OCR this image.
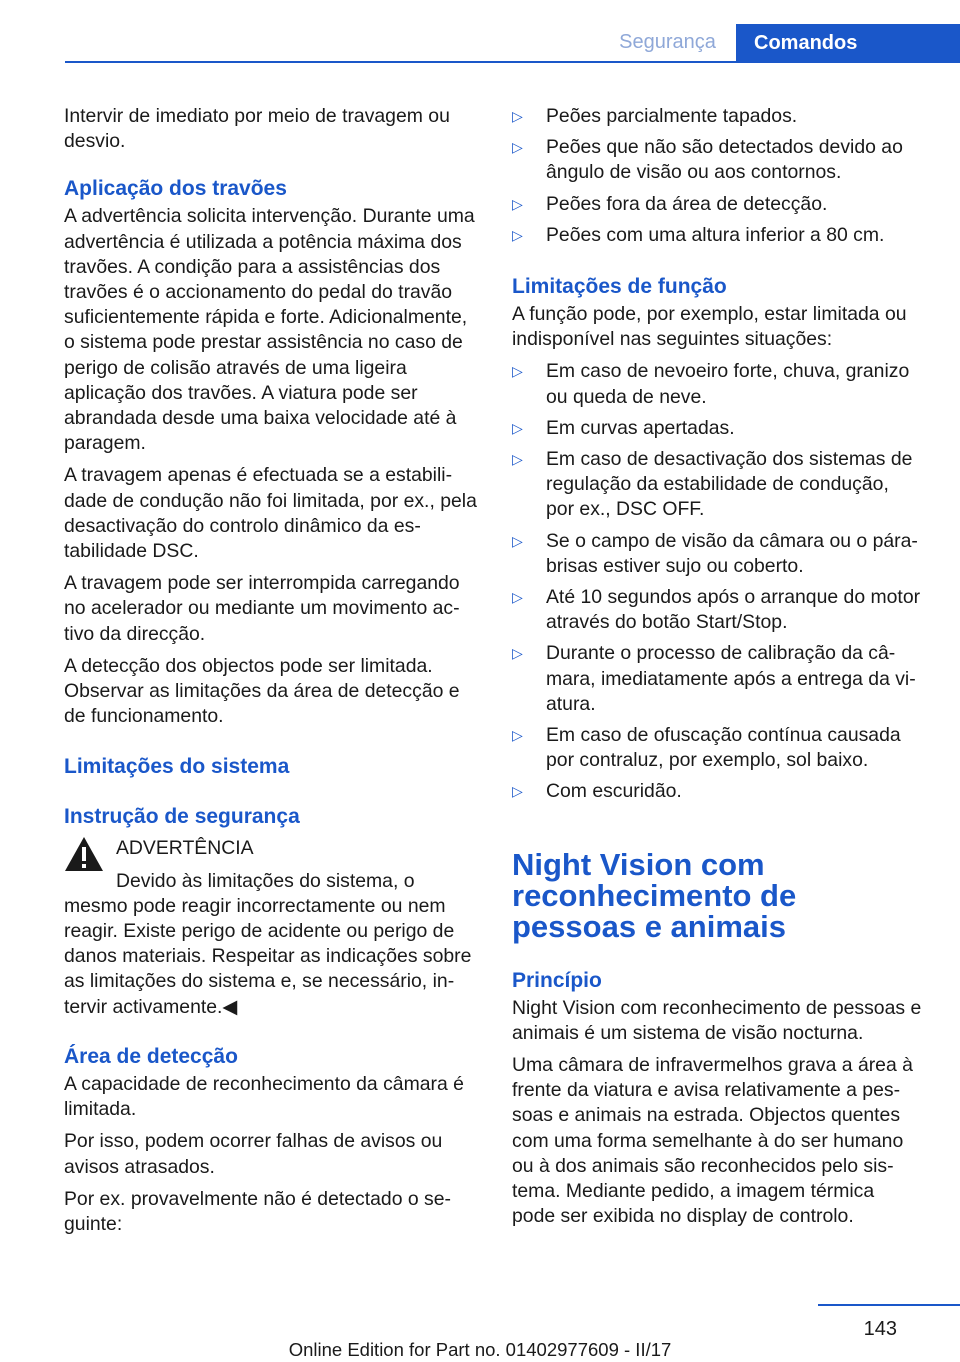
Segurança	Comandos

Intervir de imediato por meio de travagem ou desvio.

Aplicação dos travões

A advertência solicita intervenção. Durante uma advertência é utilizada a potência máxima dos travões. A condição para a assistências dos travões é o accionamento do pedal do travão suficientemente rápida e forte. Adicionalmente, o sistema pode prestar assistência no caso de perigo de colisão através de uma ligeira aplicação dos travões. A viatura pode ser abrandada desde uma baixa velocidade até à paragem.

A travagem apenas é efectuada se a estabilidade de condução não foi limitada, por ex., pela desactivação do controlo dinâmico da estabilidade DSC.

A travagem pode ser interrompida carregando no acelerador ou mediante um movimento activo da direcção.

A detecção dos objectos pode ser limitada. Observar as limitações da área de detecção e de funcionamento.

Limitações do sistema
Instrução de segurança

ADVERTÊNCIA

Devido às limitações do sistema, o mesmo pode reagir incorrectamente ou nem reagir. Existe perigo de acidente ou perigo de danos materiais. Respeitar as indicações sobre as limitações do sistema e, se necessário, intervir activamente.◀

Área de detecção

A capacidade de reconhecimento da câmara é limitada.

Por isso, podem ocorrer falhas de avisos ou avisos atrasados.

Por ex. provavelmente não é detectado o seguinte:

▷ Peões parcialmente tapados.
▷ Peões que não são detectados devido ao ângulo de visão ou aos contornos.
▷ Peões fora da área de detecção.
▷ Peões com uma altura inferior a 80 cm.
Limitações de função

A função pode, por exemplo, estar limitada ou indisponível nas seguintes situações:

▷ Em caso de nevoeiro forte, chuva, granizo ou queda de neve.
▷ Em curvas apertadas.
▷ Em caso de desactivação dos sistemas de regulação da estabilidade de condução, por ex., DSC OFF.
▷ Se o campo de visão da câmara ou o pára-brisas estiver sujo ou coberto.
▷ Até 10 segundos após o arranque do motor através do botão Start/Stop.
▷ Durante o processo de calibração da câmara, imediatamente após a entrega da viatura.
▷ Em caso de ofuscação contínua causada por contraluz, por exemplo, sol baixo.
▷ Com escuridão.
Night Vision com reconhecimento de pessoas e animais
Princípio

Night Vision com reconhecimento de pessoas e animais é um sistema de visão nocturna.

Uma câmara de infravermelhos grava a área à frente da viatura e avisa relativamente a pessoas e animais na estrada. Objectos quentes com uma forma semelhante à do ser humano ou à dos animais são reconhecidos pelo sistema. Mediante pedido, a imagem térmica pode ser exibida no display de controlo.

143
Online Edition for Part no. 01402977609 - II/17
